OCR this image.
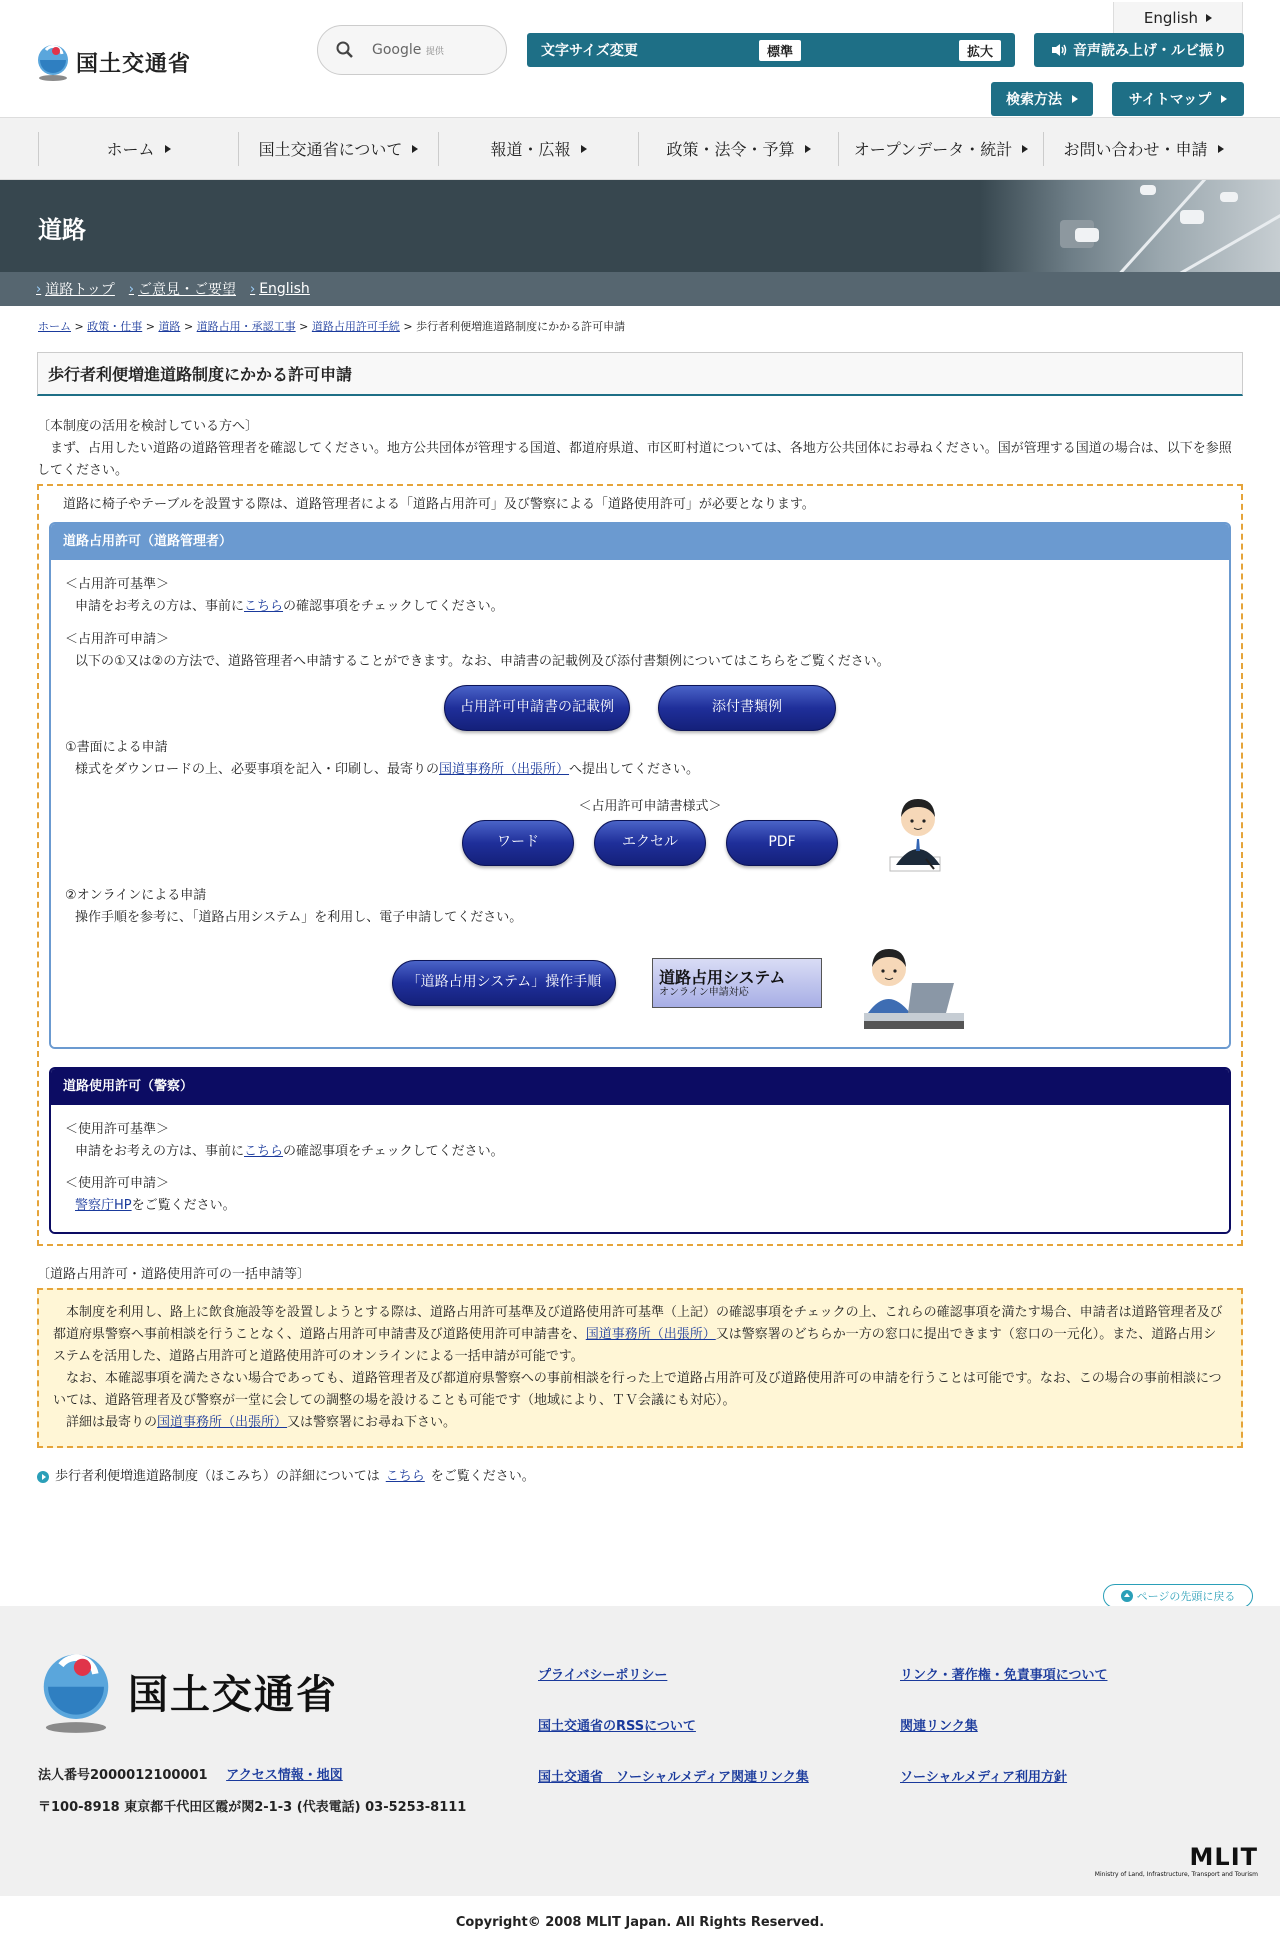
国土交通省
Google 提供
English
文字サイズ変更	標準	拡大	音声読み上げ・ルビ振り
検索方法	サイトマップ
ホーム	国土交通省について	報道・広報	政策・法令・予算	オープンデータ・統計	お問い合わせ・申請
道路
› 道路トップ › ご意見・ご要望 › English
ホーム > 政策・仕事 > 道路 > 道路占用・承認工事 > 道路占用許可手続 > 歩行者利便増進道路制度にかかる許可申請
歩行者利便増進道路制度にかかる許可申請
〔本制度の活用を検討している方へ〕
まず、占用したい道路の道路管理者を確認してください。地方公共団体が管理する国道、都道府県道、市区町村道については、各地方公共団体にお尋ねください。国が管理する国道の場合は、以下を参照してください。
道路に椅子やテーブルを設置する際は、道路管理者による「道路占用許可」及び警察による「道路使用許可」が必要となります。
道路占用許可（道路管理者）
＜占用許可基準＞
申請をお考えの方は、事前にこちらの確認事項をチェックしてください。
＜占用許可申請＞
以下の①又は②の方法で、道路管理者へ申請することができます。なお、申請書の記載例及び添付書類例についてはこちらをご覧ください。
占用許可申請書の記載例	添付書類例
①書面による申請
様式をダウンロードの上、必要事項を記入・印刷し、最寄りの国道事務所（出張所）へ提出してください。
＜占用許可申請書様式＞
ワード	エクセル	PDF
②オンラインによる申請
操作手順を参考に、「道路占用システム」を利用し、電子申請してください。
「道路占用システム」操作手順	道路占用システム
オンライン申請対応
道路使用許可（警察）
＜使用許可基準＞
申請をお考えの方は、事前にこちらの確認事項をチェックしてください。
＜使用許可申請＞
警察庁HPをご覧ください。
〔道路占用許可・道路使用許可の一括申請等〕

本制度を利用し、路上に飲食施設等を設置しようとする際は、道路占用許可基準及び道路使用許可基準（上記）の確認事項をチェックの上、これらの確認事項を満たす場合、申請者は道路管理者及び都道府県警察へ事前相談を行うことなく、道路占用許可申請書及び道路使用許可申請書を、国道事務所（出張所）又は警察署のどちらか一方の窓口に提出できます（窓口の一元化）。また、道路占用システムを活用した、道路占用許可と道路使用許可のオンラインによる一括申請が可能です。

なお、本確認事項を満たさない場合であっても、道路管理者及び都道府県警察への事前相談を行った上で道路占用許可及び道路使用許可の申請を行うことは可能です。なお、この場合の事前相談については、道路管理者及び警察が一堂に会しての調整の場を設けることも可能です（地域により、ＴＶ会議にも対応）。

詳細は最寄りの国道事務所（出張所）又は警察署にお尋ね下さい。

歩行者利便増進道路制度（ほこみち）の詳細については こちら をご覧ください。
ページの先頭に戻る
国土交通省
法人番号2000012100001 アクセス情報・地図
〒100-8918 東京都千代田区霞が関2-1-3 (代表電話) 03-5253-8111
プライバシーポリシー	リンク・著作権・免責事項について
国土交通省のRSSについて	関連リンク集
国土交通省　ソーシャルメディア関連リンク集	ソーシャルメディア利用方針
MLIT
Ministry of Land, Infrastructure, Transport and Tourism
Copyright© 2008 MLIT Japan. All Rights Reserved.
